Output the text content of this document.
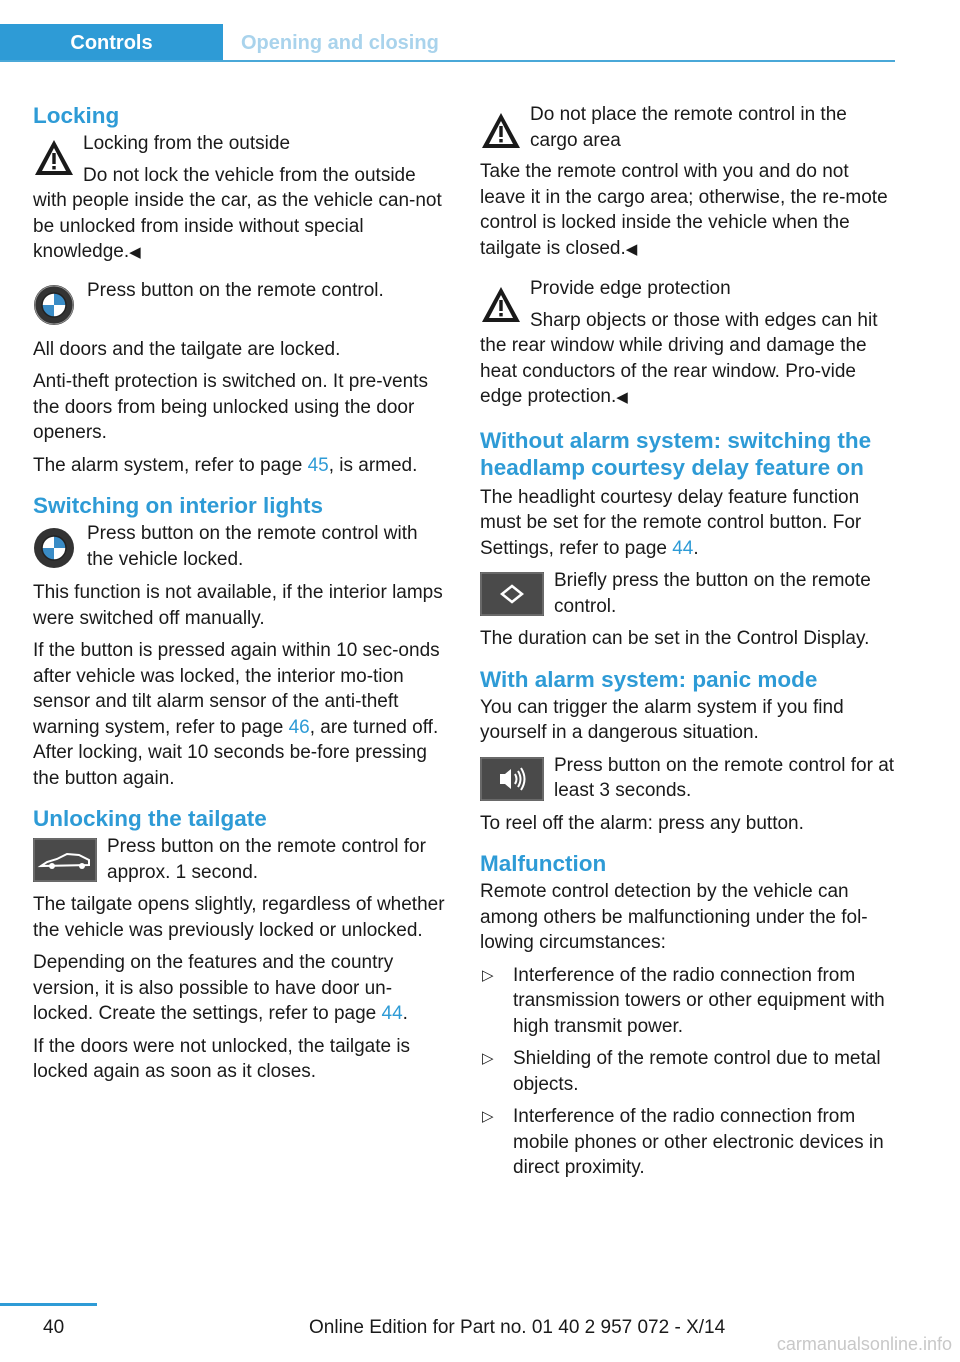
Controls	Opening and closing
Locking
Locking from the outside
Do not lock the vehicle from the outside with people inside the car, as the vehicle can‐not be unlocked from inside without special knowledge.◀
Press button on the remote control.

All doors and the tailgate are locked.

Anti-theft protection is switched on. It pre‐vents the doors from being unlocked using the door openers.

The alarm system, refer to page 45, is armed.

Switching on interior lights
Press button on the remote control with the vehicle locked.

This function is not available, if the interior lamps were switched off manually.

If the button is pressed again within 10 sec‐onds after vehicle was locked, the interior mo‐tion sensor and tilt alarm sensor of the anti-theft warning system, refer to page 46, are turned off. After locking, wait 10 seconds be‐fore pressing the button again.

Unlocking the tailgate
Press button on the remote control for approx. 1 second.

The tailgate opens slightly, regardless of whether the vehicle was previously locked or unlocked.

Depending on the features and the country version, it is also possible to have door un‐locked. Create the settings, refer to page 44.

If the doors were not unlocked, the tailgate is locked again as soon as it closes.

Do not place the remote control in the cargo area
Take the remote control with you and do not leave it in the cargo area; otherwise, the re‐mote control is locked inside the vehicle when the tailgate is closed.◀
Provide edge protection
Sharp objects or those with edges can hit the rear window while driving and damage the heat conductors of the rear window. Pro‐vide edge protection.◀
Without alarm system: switching the headlamp courtesy delay feature on

The headlight courtesy delay feature function must be set for the remote control button. For Settings, refer to page 44.

Briefly press the button on the remote control.

The duration can be set in the Control Display.

With alarm system: panic mode

You can trigger the alarm system if you find yourself in a dangerous situation.

Press button on the remote control for at least 3 seconds.

To reel off the alarm: press any button.

Malfunction

Remote control detection by the vehicle can among others be malfunctioning under the fol‐lowing circumstances:

▷ Interference of the radio connection from transmission towers or other equipment with high transmit power.
▷ Shielding of the remote control due to metal objects.
▷ Interference of the radio connection from mobile phones or other electronic devices in direct proximity.
40	Online Edition for Part no. 01 40 2 957 072 - X/14
carmanualsonline.info
